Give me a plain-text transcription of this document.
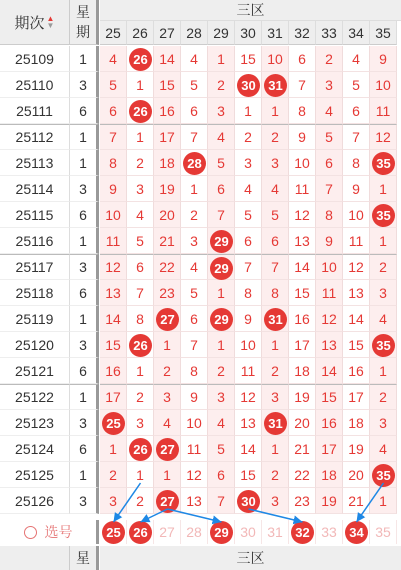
期次 ▲
▼
星
期
三区
25 26 27 28 29 30 31 32 33 34 35
25109	1	4	26 14 4 1 15 10 6 2 4 9
25110	3	5 1 15 5 2	30 31	7 3 5 10
25111	6	6	26 16 6 3 1 1 8 4 6 11
25112	1	7 1 17 7 4 2 2 9 5 7 12
25113	1	8 2 18 28	5 3 3 10 6 8	35
25114	3	9 3 19 1 6 4 4 11 7 9 1
25115	6	10 4 20 2 7 5 5 12 8 10 35
25116	1	11 5 21 3	29	6 6 13 9 11 1
25117	3	12 6 22 4	29	7 7 14 10 12 2
25118	6	13 7 23 5 1 8 8 15 11 13 3
25119	1	14 8	27	6	29	9	31 16 12 14 4
25120	3	15 26	1 7 1 10 1 17 13 15 35
25121	6	16 1 2 8 2 11 2 18 14 16 1
25122	1	17 2 3 9 3 12 3 19 15 17 2
25123	3	25	3 4 10 4 13 31 20 16 18 3
25124	6	1	26 27 11 5 14 1 21 17 19 4
25125	1	2 1 1 12 6 15 2 22 18 20 35
25126	3	3 2	27 13 7	30	3 23 19 21 1
选号	25 26 27 28 29 30 31 32 33 34 35
星	三区
